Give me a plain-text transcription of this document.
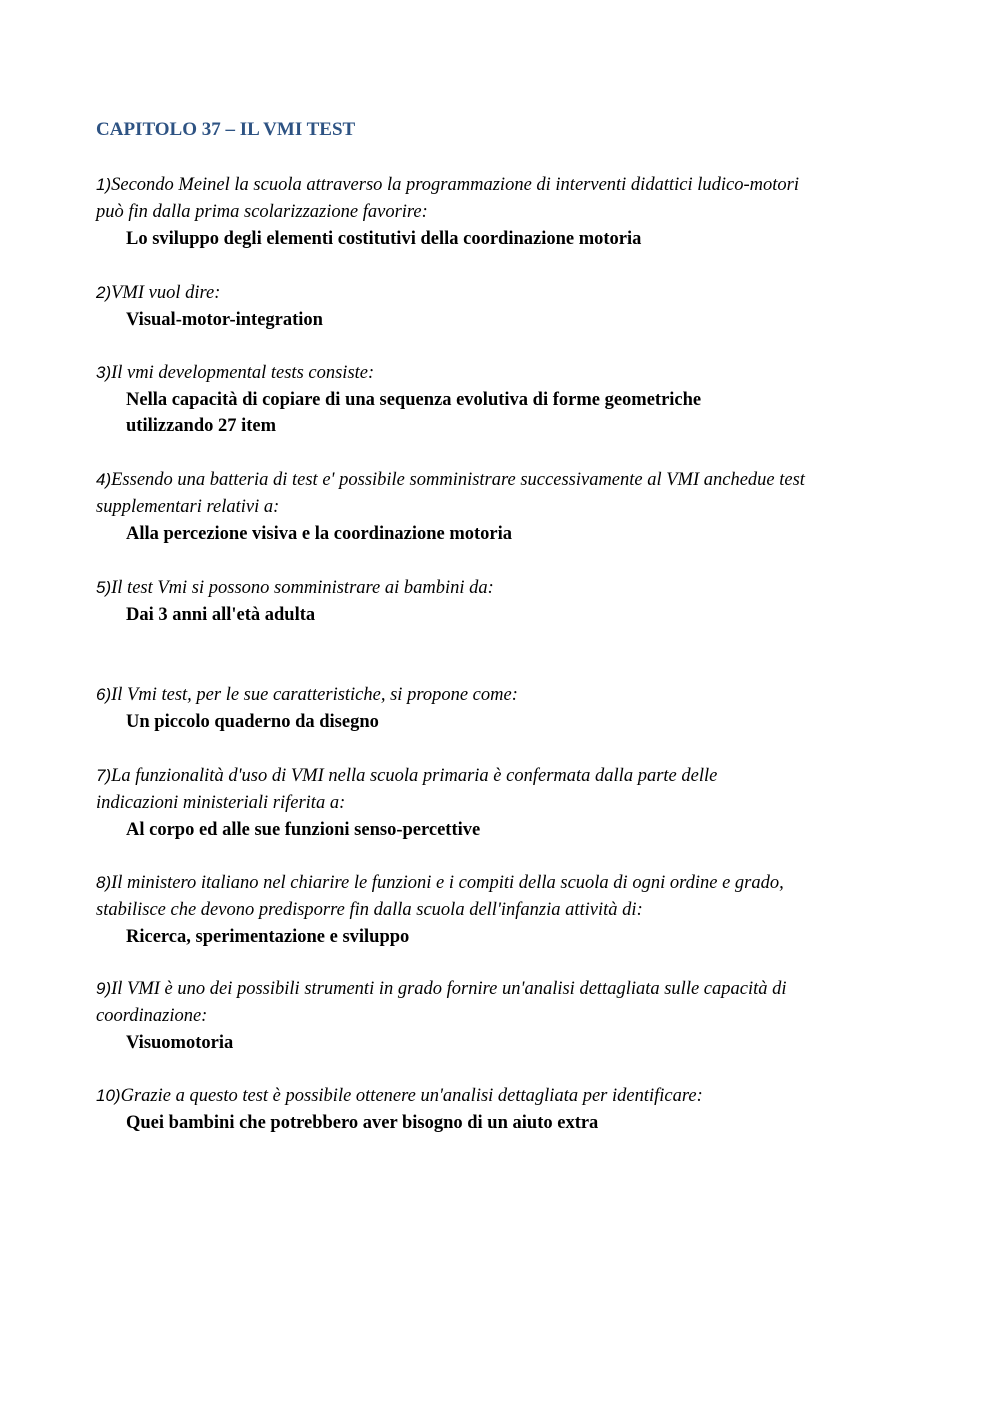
CAPITOLO 37 – IL VMI TEST
1)Secondo Meinel la scuola attraverso la programmazione di interventi didattici ludico-motori
può fin dalla prima scolarizzazione favorire:
Lo sviluppo degli elementi costitutivi della coordinazione motoria
2)VMI vuol dire:
Visual-motor-integration
3)Il vmi developmental tests consiste:
Nella capacità di copiare di una sequenza evolutiva di forme geometriche
utilizzando 27 item
4)Essendo una batteria di test e' possibile somministrare successivamente al VMI anchedue test
supplementari relativi a:
Alla percezione visiva e la coordinazione motoria
5)Il test Vmi si possono somministrare ai bambini da:
Dai 3 anni all'età adulta
6)Il Vmi test, per le sue caratteristiche, si propone come:
Un piccolo quaderno da disegno
7)La funzionalità d'uso di VMI nella scuola primaria è confermata dalla parte delle
indicazioni ministeriali riferita a:
Al corpo ed alle sue funzioni senso-percettive
8)Il ministero italiano nel chiarire le funzioni e i compiti della scuola di ogni ordine e grado,
stabilisce che devono predisporre fin dalla scuola dell'infanzia attività di:
Ricerca, sperimentazione e sviluppo
9)Il VMI è uno dei possibili strumenti in grado fornire un'analisi dettagliata sulle capacità di
coordinazione:
Visuomotoria
10)Grazie a questo test è possibile ottenere un'analisi dettagliata per identificare:
Quei bambini che potrebbero aver bisogno di un aiuto extra
